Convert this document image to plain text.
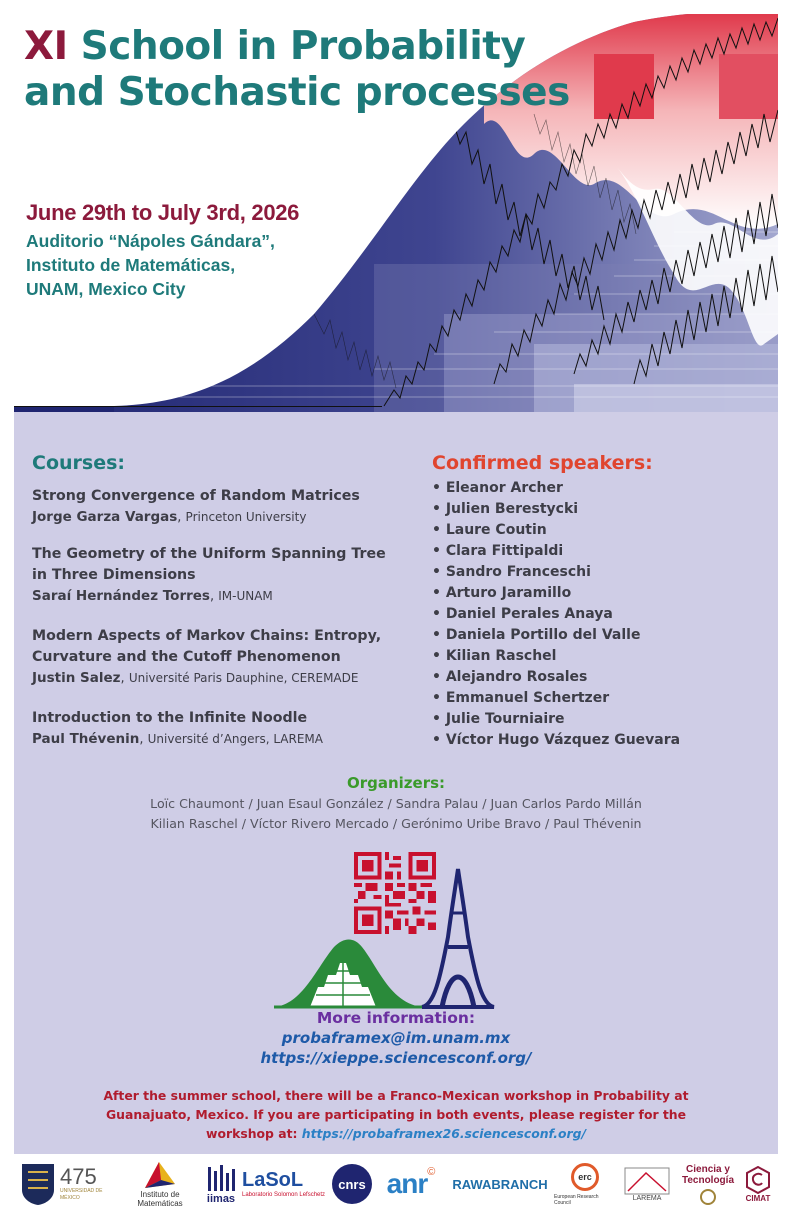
XI School in Probability and Stochastic processes
June 29th to July 3rd, 2026
Auditorio “Nápoles Gándara”,
Instituto de Matemáticas,
UNAM, Mexico City
Courses:
Strong Convergence of Random Matrices
Jorge Garza Vargas, Princeton University
The Geometry of the Uniform Spanning Tree
in Three Dimensions
Saraí Hernández Torres, IM-UNAM
Modern Aspects of Markov Chains: Entropy,
Curvature and the Cutoff Phenomenon
Justin Salez, Université Paris Dauphine, CEREMADE
Introduction to the Infinite Noodle
Paul Thévenin, Université d’Angers, LAREMA
Confirmed speakers:
• Eleanor Archer
• Julien Berestycki
• Laure Coutin
• Clara Fittipaldi
• Sandro Franceschi
• Arturo Jaramillo
• Daniel Perales Anaya
• Daniela Portillo del Valle
• Kilian Raschel
• Alejandro Rosales
• Emmanuel Schertzer
• Julie Tourniaire
• Víctor Hugo Vázquez Guevara
Organizers:
Loïc Chaumont / Juan Esaul González / Sandra Palau / Juan Carlos Pardo Millán
Kilian Raschel / Víctor Rivero Mercado / Gerónimo Uribe Bravo / Paul Thévenin
More information:
probaframex@im.unam.mx
https://xieppe.sciencesconf.org/
After the summer school, there will be a Franco-Mexican workshop in Probability at
Guanajuato, Mexico. If you are participating in both events, please register for the
workshop at: https://probaframex26.sciencesconf.org/
475
UNIVERSIDAD DE MÉXICO	Instituto de Matemáticas	iimas
LaSoL
Laboratorio Solomon Lefschetz
cnrs anr ©
RAWABRANCH	erc
European Research Council
LAREMA
Ciencia y
Tecnología
CIMAT
